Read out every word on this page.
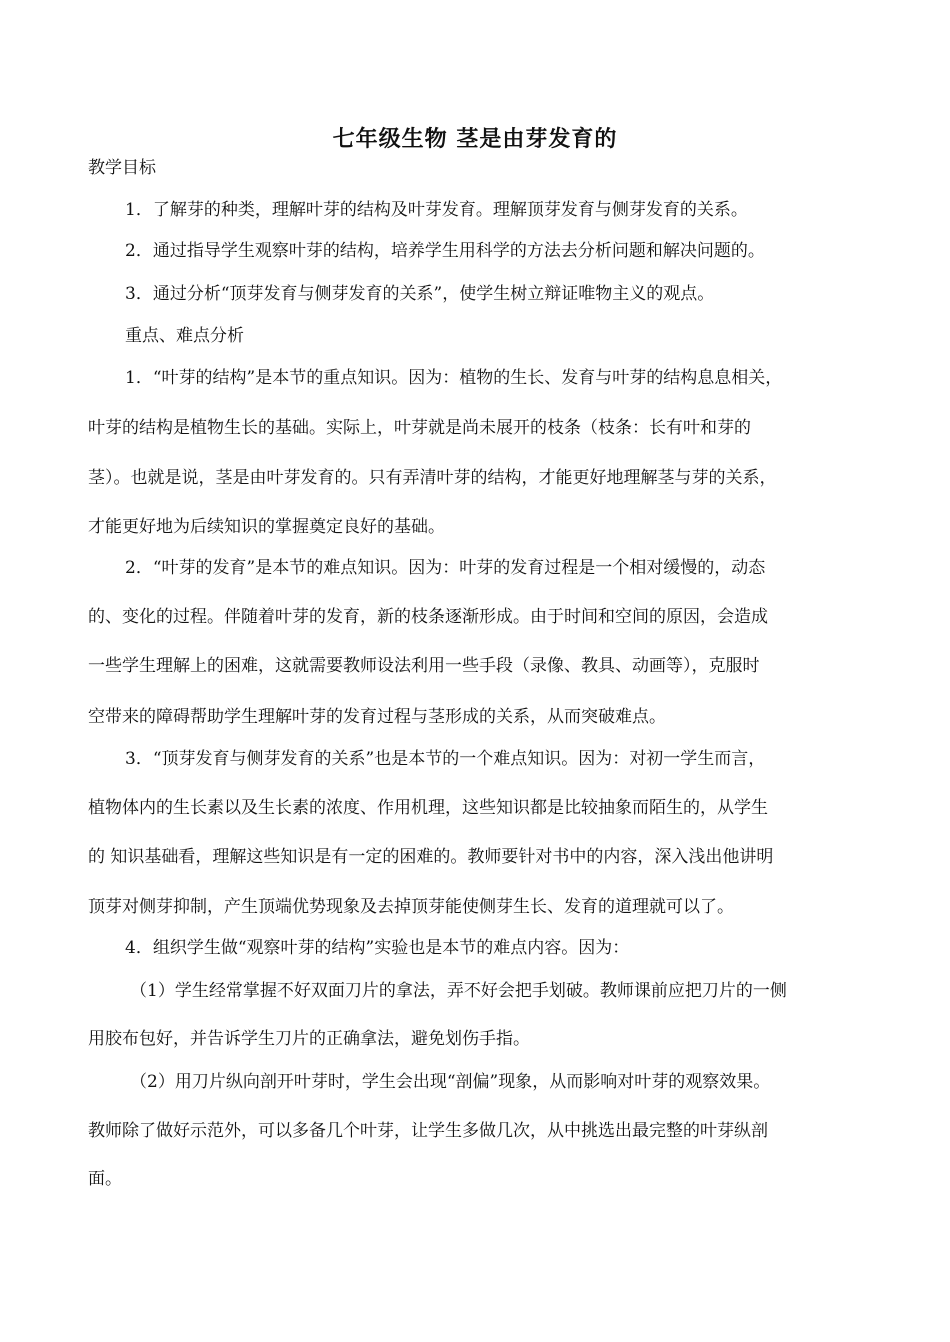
七年级生物 茎是由芽发育的
教学目标
1．了解芽的种类，理解叶芽的结构及叶芽发育。理解顶芽发育与侧芽发育的关系。
2．通过指导学生观察叶芽的结构，培养学生用科学的方法去分析问题和解决问题的。
3．通过分析“顶芽发育与侧芽发育的关系”，使学生树立辩证唯物主义的观点。
重点、难点分析
1．“叶芽的结构”是本节的重点知识。因为：植物的生长、发育与叶芽的结构息息相关，
叶芽的结构是植物生长的基础。实际上，叶芽就是尚未展开的枝条（枝条：长有叶和芽的
茎）。也就是说，茎是由叶芽发育的。只有弄清叶芽的结构，才能更好地理解茎与芽的关系，
才能更好地为后续知识的掌握奠定良好的基础。
2．“叶芽的发育”是本节的难点知识。因为：叶芽的发育过程是一个相对缓慢的，动态
的、变化的过程。伴随着叶芽的发育，新的枝条逐渐形成。由于时间和空间的原因，会造成
一些学生理解上的困难，这就需要教师设法利用一些手段（录像、教具、动画等），克服时
空带来的障碍帮助学生理解叶芽的发育过程与茎形成的关系，从而突破难点。
3．“顶芽发育与侧芽发育的关系”也是本节的一个难点知识。因为：对初一学生而言，
植物体内的生长素以及生长素的浓度、作用机理，这些知识都是比较抽象而陌生的，从学生
的 知识基础看，理解这些知识是有一定的困难的。教师要针对书中的内容，深入浅出他讲明
顶芽对侧芽抑制，产生顶端优势现象及去掉顶芽能使侧芽生长、发育的道理就可以了。
4．组织学生做“观察叶芽的结构”实验也是本节的难点内容。因为：
（1）学生经常掌握不好双面刀片的拿法，弄不好会把手划破。教师课前应把刀片的一侧
用胶布包好，并告诉学生刀片的正确拿法，避免划伤手指。
（2）用刀片纵向剖开叶芽时，学生会出现“剖偏”现象，从而影响对叶芽的观察效果。
教师除了做好示范外，可以多备几个叶芽，让学生多做几次，从中挑选出最完整的叶芽纵剖
面。
